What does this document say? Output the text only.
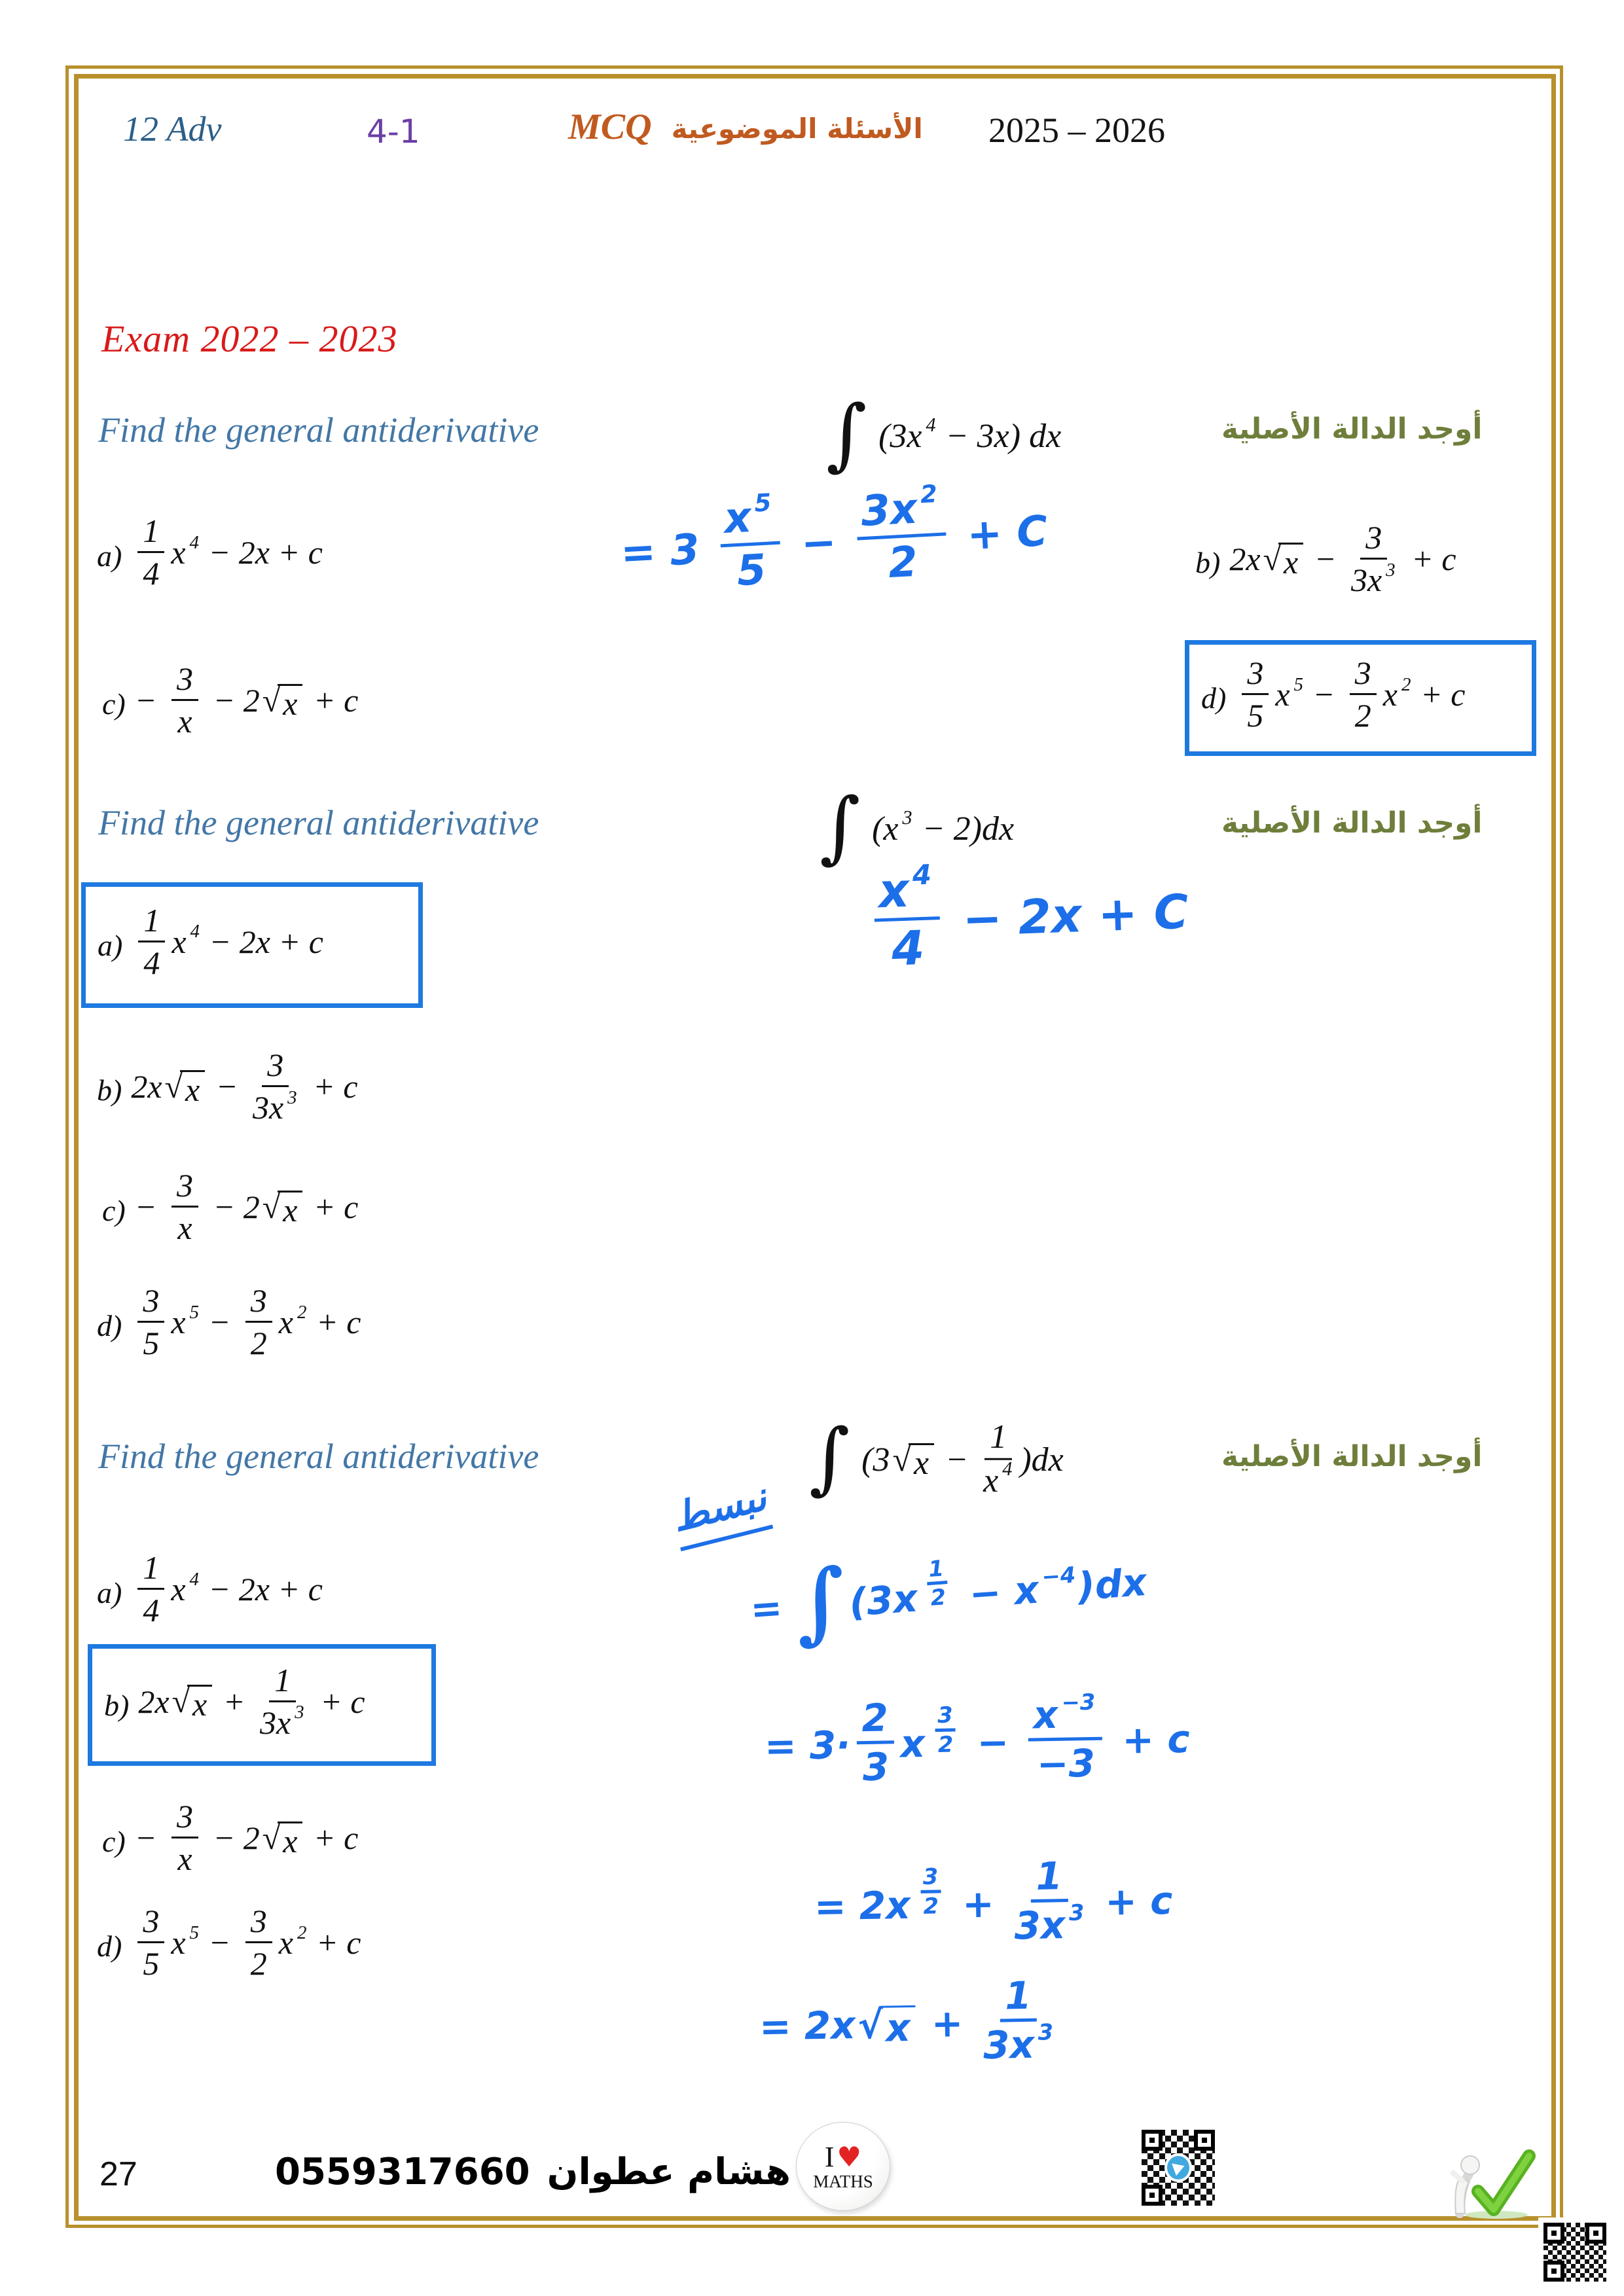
12 Adv	4-1	MCQ الأسئلة الموضوعية 2025 – 2026
Exam 2022 – 2023
Find the general antiderivative	∫ (3x 4 − 3x) dx	أوجد الدالة الأصلية
$a) \frac{1}{4}$ x 4 − 2x + c	b) 2x √ $x - \frac{3}{3x 3} + c$
$c) - \frac{3}{x} - 2$ √ x + c	$d) \frac{3}{5}$ x $5 - \frac{3}{2}$ x 2 + c
= $3 \frac{x5}{5} - \frac{3x2}{2} + C$
Find the general antiderivative	∫ (x 3 − 2)dx	أوجد الدالة الأصلية
$a) \frac{1}{4}$ x 4 − 2x + c	$\frac{x4}{4} - 2x + C$
b) 2x √ $x - \frac{3}{3x 3} + c$
$c) - \frac{3}{x} - 2$ √ x + c
$d) \frac{3}{5}$ x $5 - \frac{3}{2}$ x 2 + c
Find the general antiderivative	∫ (3 √ $x - \frac{1}{x 4} )dx$	أوجد الدالة الأصلية
$a) \frac{1}{4}$ x 4 − 2x + c
b) 2x √ $x + \frac{1}{3x 3} + c$
$c) - \frac{3}{x} - 2$ √ x + c
$d) \frac{3}{5}$ x $5 - \frac{3}{2}$ x 2 + c
نبسط
= $\int(3x \frac{1}{2} - x-4)dx$
= $3\cdot \frac{2}{3}$ x $\frac{3}{2} - \frac{x -3}{-3} + c$
= $2x \frac{3}{2} + \frac{1}{3x 3} + c$
= 2x √ $x + \frac{1}{3x 3}$
27	هشام عطوان
0559317660	I ♥
MATHS
